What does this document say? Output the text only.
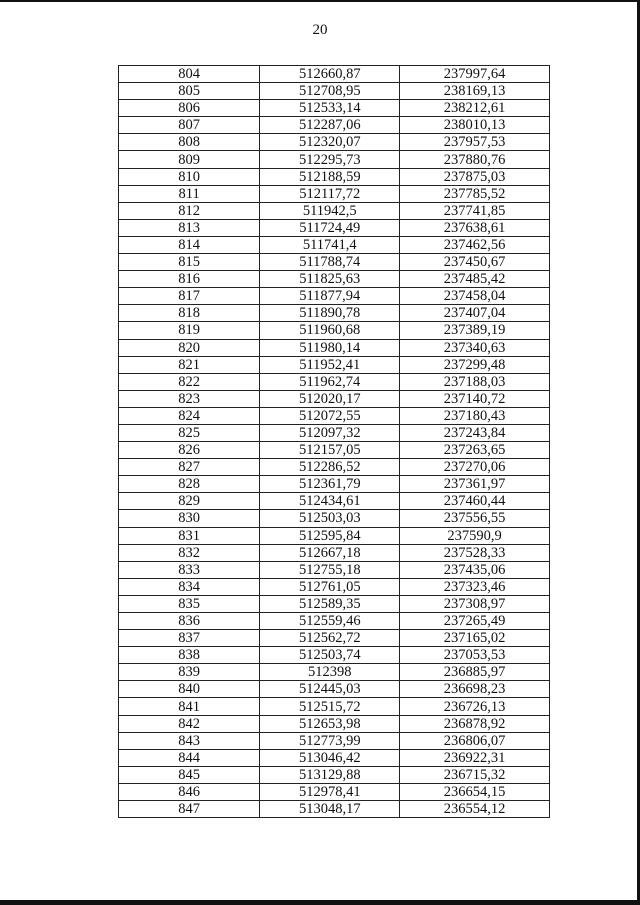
20
804	512660,87	237997,64
805	512708,95	238169,13
806	512533,14	238212,61
807	512287,06	238010,13
808	512320,07	237957,53
809	512295,73	237880,76
810	512188,59	237875,03
811	512117,72	237785,52
812	511942,5	237741,85
813	511724,49	237638,61
814	511741,4	237462,56
815	511788,74	237450,67
816	511825,63	237485,42
817	511877,94	237458,04
818	511890,78	237407,04
819	511960,68	237389,19
820	511980,14	237340,63
821	511952,41	237299,48
822	511962,74	237188,03
823	512020,17	237140,72
824	512072,55	237180,43
825	512097,32	237243,84
826	512157,05	237263,65
827	512286,52	237270,06
828	512361,79	237361,97
829	512434,61	237460,44
830	512503,03	237556,55
831	512595,84	237590,9
832	512667,18	237528,33
833	512755,18	237435,06
834	512761,05	237323,46
835	512589,35	237308,97
836	512559,46	237265,49
837	512562,72	237165,02
838	512503,74	237053,53
839	512398	236885,97
840	512445,03	236698,23
841	512515,72	236726,13
842	512653,98	236878,92
843	512773,99	236806,07
844	513046,42	236922,31
845	513129,88	236715,32
846	512978,41	236654,15
847	513048,17	236554,12
